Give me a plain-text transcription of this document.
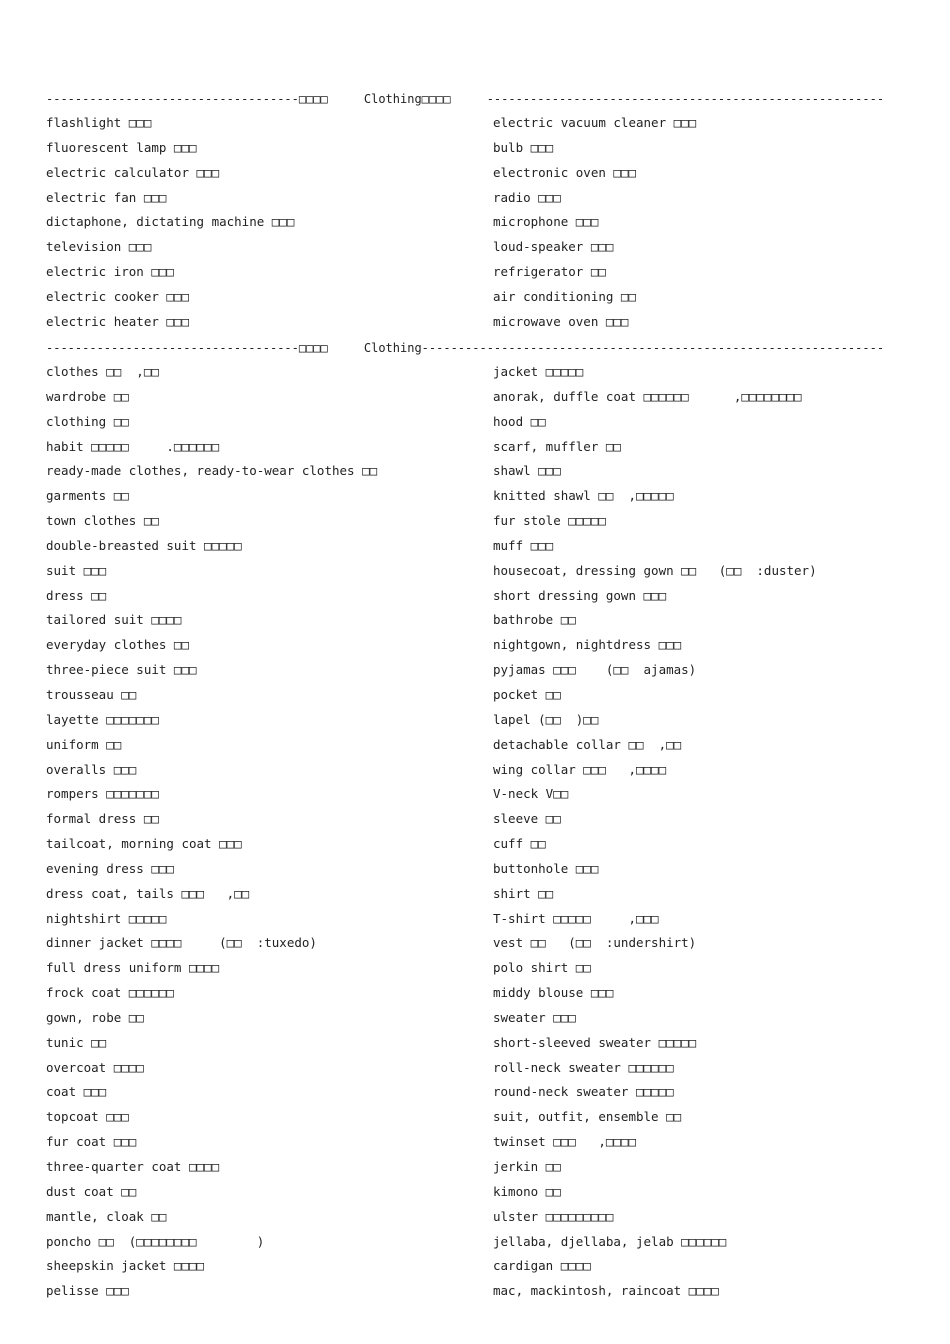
-----------------------------------□□□□     Clothing□□□□     -------------------------------------------------------
flashlight □□□
fluorescent lamp □□□
electric calculator □□□
electric fan □□□
dictaphone, dictating machine □□□
television □□□
electric iron □□□
electric cooker □□□
electric heater □□□
electric vacuum cleaner □□□
bulb □□□
electronic oven □□□
radio □□□
microphone □□□
loud-speaker □□□
refrigerator □□
air conditioning □□
microwave oven □□□
-----------------------------------□□□□     Clothing----------------------------------------------------------------
clothes □□  ,□□
wardrobe □□
clothing □□
habit □□□□□     .□□□□□□
ready-made clothes, ready-to-wear clothes □□
garments □□
town clothes □□
double-breasted suit □□□□□
suit □□□
dress □□
tailored suit □□□□
everyday clothes □□
three-piece suit □□□
trousseau □□
layette □□□□□□□
uniform □□
overalls □□□
rompers □□□□□□□
formal dress □□
tailcoat, morning coat □□□
evening dress □□□
dress coat, tails □□□   ,□□
nightshirt □□□□□
dinner jacket □□□□     (□□  :tuxedo)
full dress uniform □□□□
frock coat □□□□□□
gown, robe □□
tunic □□
overcoat □□□□
coat □□□
topcoat □□□
fur coat □□□
three-quarter coat □□□□
dust coat □□
mantle, cloak □□
poncho □□  (□□□□□□□□        )
sheepskin jacket □□□□
pelisse □□□
jacket □□□□□
anorak, duffle coat □□□□□□      ,□□□□□□□□
hood □□
scarf, muffler □□
shawl □□□
knitted shawl □□  ,□□□□□
fur stole □□□□□
muff □□□
housecoat, dressing gown □□   (□□  :duster)
short dressing gown □□□
bathrobe □□
nightgown, nightdress □□□
pyjamas □□□    (□□  ajamas)
pocket □□
lapel (□□  )□□
detachable collar □□  ,□□
wing collar □□□   ,□□□□
V-neck V□□
sleeve □□
cuff □□
buttonhole □□□
shirt □□
T-shirt □□□□□     ,□□□
vest □□   (□□  :undershirt)
polo shirt □□
middy blouse □□□
sweater □□□
short-sleeved sweater □□□□□
roll-neck sweater □□□□□□
round-neck sweater □□□□□
suit, outfit, ensemble □□
twinset □□□   ,□□□□
jerkin □□
kimono □□
ulster □□□□□□□□□
jellaba, djellaba, jelab □□□□□□
cardigan □□□□
mac, mackintosh, raincoat □□□□
